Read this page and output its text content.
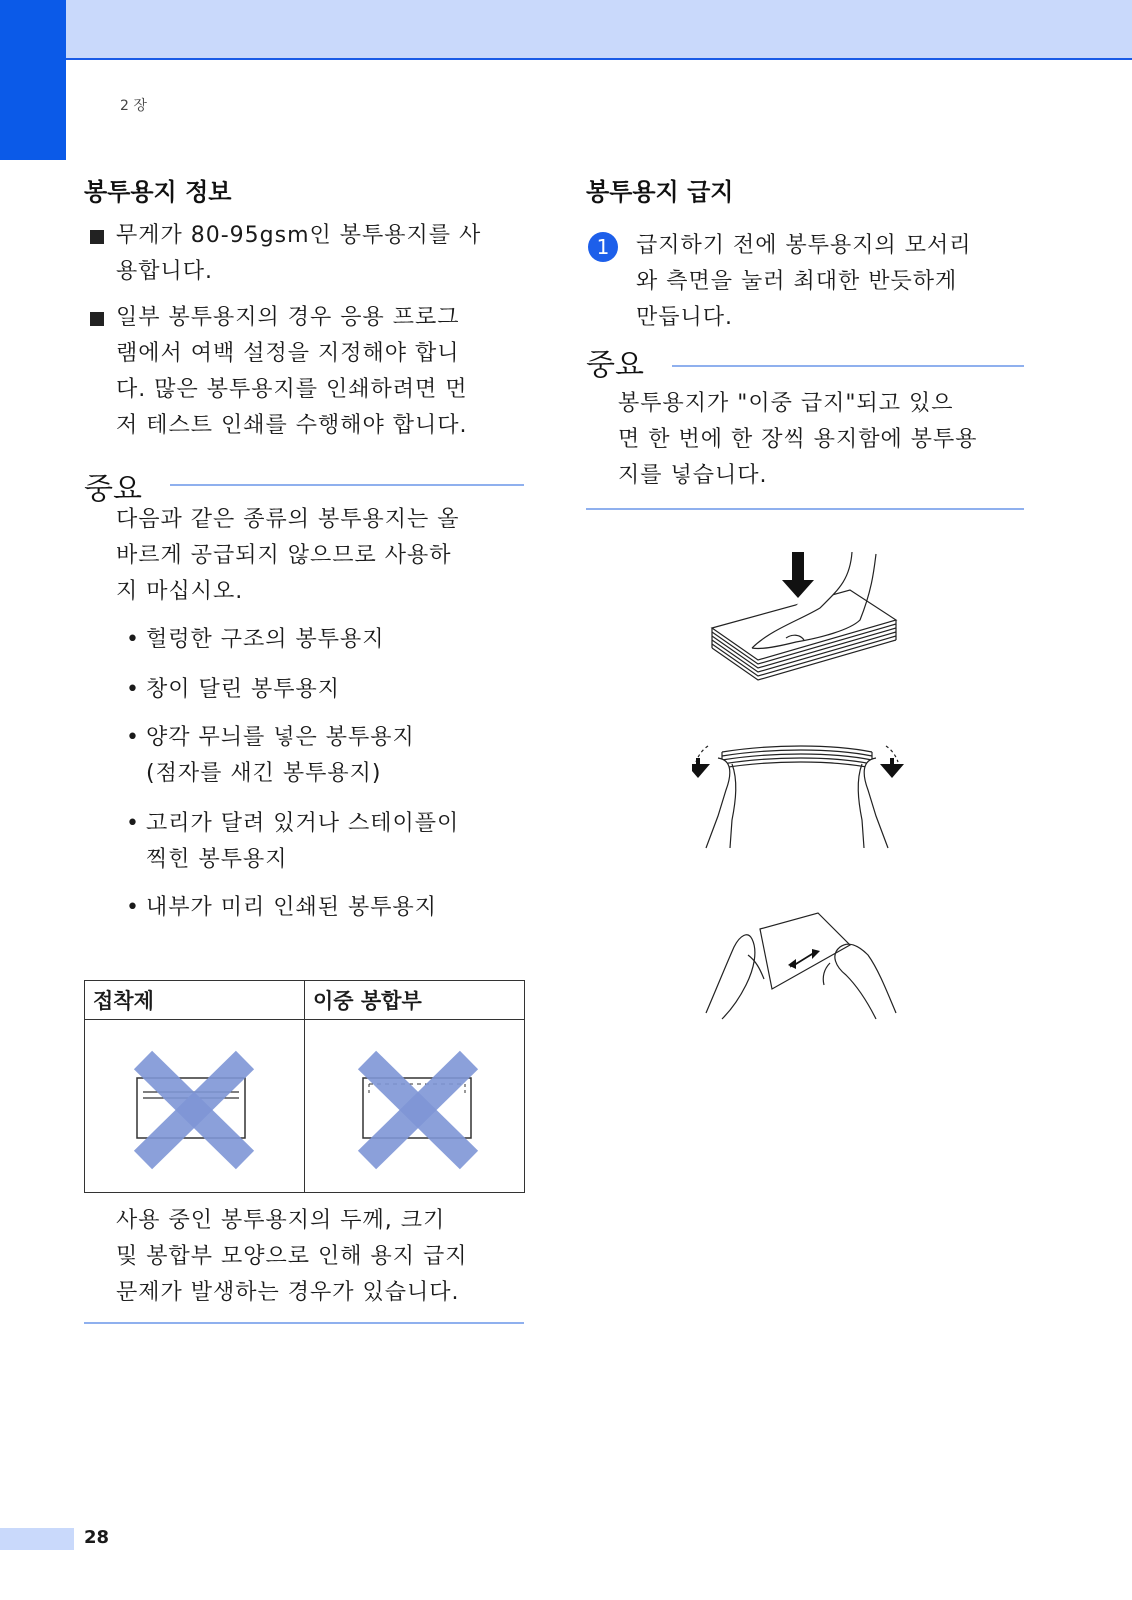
2 장
봉투용지 정보
무게가 80-95gsm인 봉투용지를 사
용합니다.
일부 봉투용지의 경우 응용 프로그
램에서 여백 설정을 지정해야 합니
다. 많은 봉투용지를 인쇄하려면 먼
저 테스트 인쇄를 수행해야 합니다.
중요
다음과 같은 종류의 봉투용지는 올
바르게 공급되지 않으므로 사용하
지 마십시오.
• 헐렁한 구조의 봉투용지
• 창이 달린 봉투용지
• 양각 무늬를 넣은 봉투용지
(점자를 새긴 봉투용지)
• 고리가 달려 있거나 스테이플이
찍힌 봉투용지
• 내부가 미리 인쇄된 봉투용지
접착제	이중 봉합부

사용 중인 봉투용지의 두께, 크기
및 봉합부 모양으로 인해 용지 급지
문제가 발생하는 경우가 있습니다.
봉투용지 급지
1	급지하기 전에 봉투용지의 모서리
와 측면을 눌러 최대한 반듯하게
만듭니다.
중요
봉투용지가 "이중 급지"되고 있으
면 한 번에 한 장씩 용지함에 봉투용
지를 넣습니다.
28
